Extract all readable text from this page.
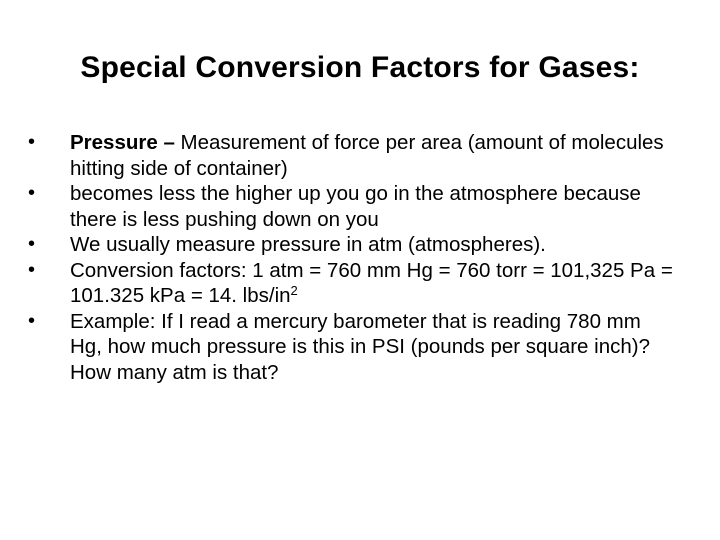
Special Conversion Factors for Gases:
•	Pressure – Measurement of force per area (amount of molecules hitting side of container)
•	becomes less the higher up you go in the atmosphere because there is less pushing down on you
•	We usually measure pressure in atm (atmospheres).
•	Conversion factors: 1 atm = 760 mm Hg = 760 torr = 101,325 Pa = 101.325 kPa = 14. lbs/$in^2$
•	Example: If I read a mercury barometer that is reading 780 mm Hg, how much pressure is this in PSI (pounds per square inch)? How many atm is that?
